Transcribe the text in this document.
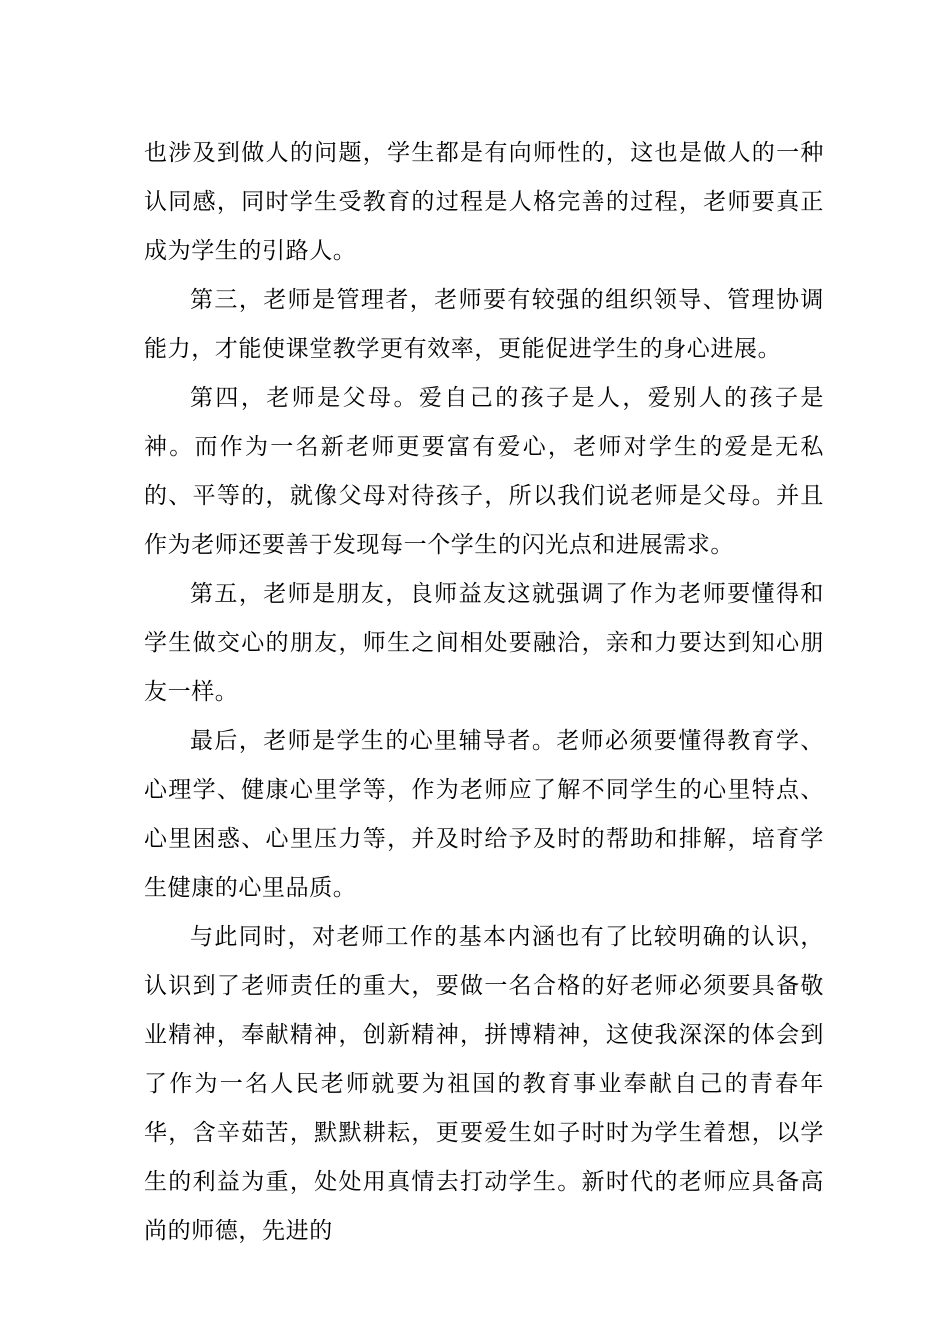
也涉及到做人的问题，学生都是有向师性的，这也是做人的一种认同感，同时学生受教育的过程是人格完善的过程，老师要真正成为学生的引路人。

第三，老师是管理者，老师要有较强的组织领导、管理协调能力，才能使课堂教学更有效率，更能促进学生的身心进展。

第四，老师是父母。爱自己的孩子是人，爱别人的孩子是神。而作为一名新老师更要富有爱心，老师对学生的爱是无私的、平等的，就像父母对待孩子，所以我们说老师是父母。并且作为老师还要善于发现每一个学生的闪光点和进展需求。

第五，老师是朋友，良师益友这就强调了作为老师要懂得和学生做交心的朋友，师生之间相处要融洽，亲和力要达到知心朋友一样。

最后，老师是学生的心里辅导者。老师必须要懂得教育学、心理学、健康心里学等，作为老师应了解不同学生的心里特点、心里困惑、心里压力等，并及时给予及时的帮助和排解，培育学生健康的心里品质。

与此同时，对老师工作的基本内涵也有了比较明确的认识，认识到了老师责任的重大，要做一名合格的好老师必须要具备敬业精神，奉献精神，创新精神，拼博精神，这使我深深的体会到了作为一名人民老师就要为祖国的教育事业奉献自己的青春年华，含辛茹苦，默默耕耘，更要爱生如子时时为学生着想，以学生的利益为重，处处用真情去打动学生。新时代的老师应具备高尚的师德，先进的
